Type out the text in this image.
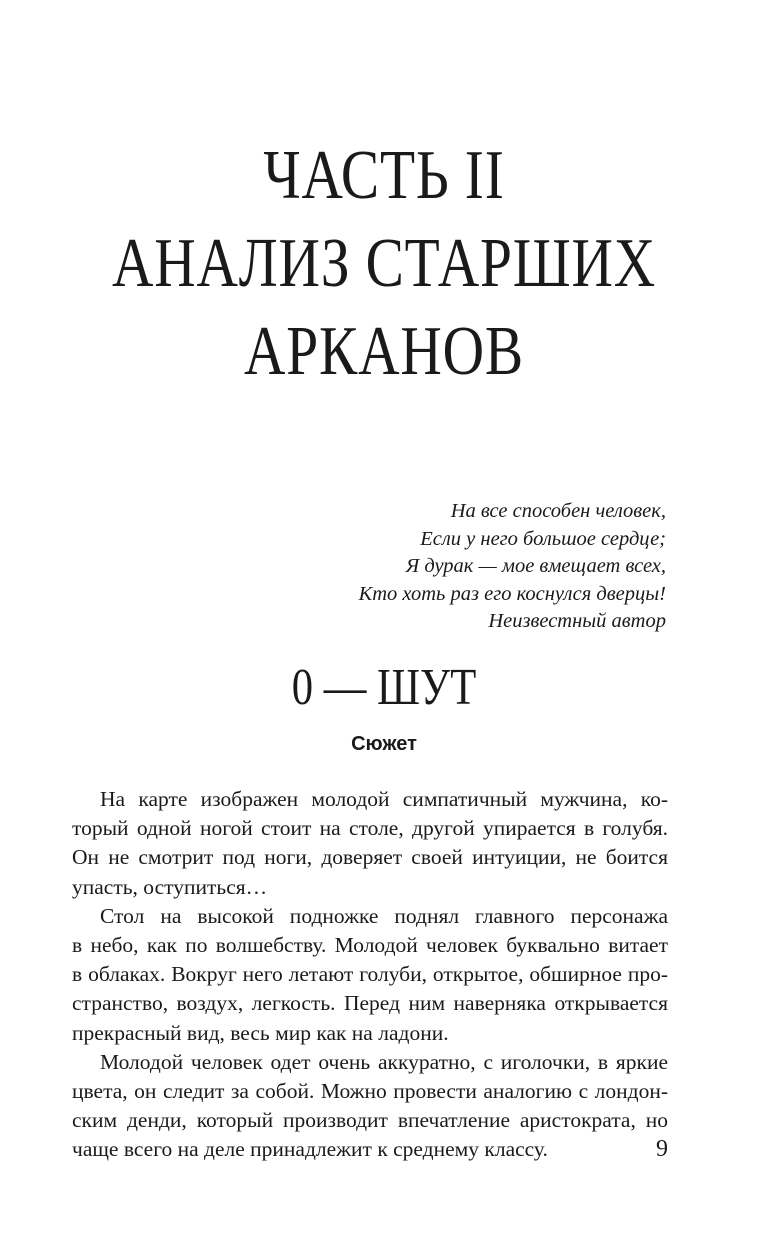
ЧАСТЬ II
АНАЛИЗ СТАРШИХ
АРКАНОВ
На все способен человек,
Если у него большое сердце;
Я дурак — мое вмещает всех,
Кто хоть раз его коснулся дверцы!
Неизвестный автор
0 — ШУТ
Сюжет
На карте изображен молодой симпатичный мужчина, ко-
торый одной ногой стоит на столе, другой упирается в голубя.
Он не смотрит под ноги, доверяет своей интуиции, не боится
упасть, оступиться…
Стол на высокой подножке поднял главного персонажа
в небо, как по волшебству. Молодой человек буквально витает
в облаках. Вокруг него летают голуби, открытое, обширное про-
странство, воздух, легкость. Перед ним наверняка открывается
прекрасный вид, весь мир как на ладони.
Молодой человек одет очень аккуратно, с иголочки, в яркие
цвета, он следит за собой. Можно провести аналогию с лондон-
ским денди, который производит впечатление аристократа, но
чаще всего на деле принадлежит к среднему классу.	9
